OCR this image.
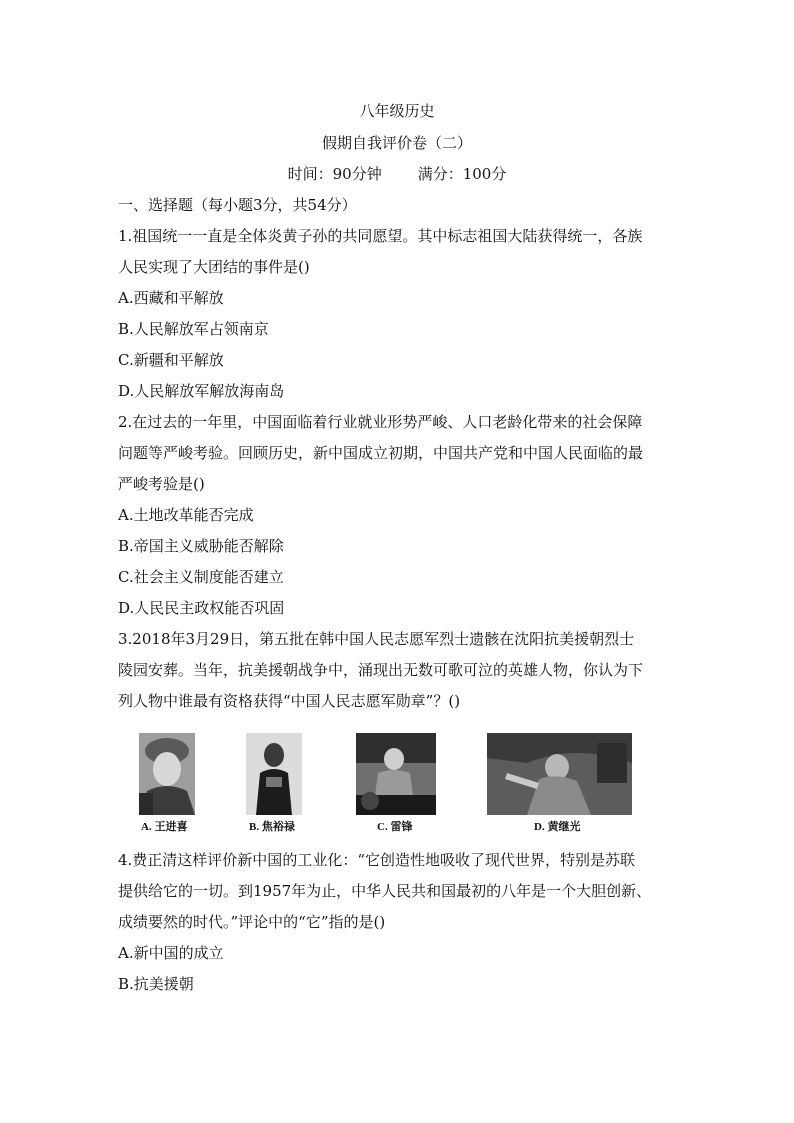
八年级历史
假期自我评价卷（二）
时间：90分钟 满分：100分
一、选择题（每小题3分，共54分）
1.祖国统一一直是全体炎黄子孙的共同愿望。其中标志祖国大陆获得统一，各族
人民实现了大团结的事件是()
A.西藏和平解放
B.人民解放军占领南京
C.新疆和平解放
D.人民解放军解放海南岛
2.在过去的一年里，中国面临着行业就业形势严峻、人口老龄化带来的社会保障
问题等严峻考验。回顾历史，新中国成立初期，中国共产党和中国人民面临的最
严峻考验是()
A.土地改革能否完成
B.帝国主义威胁能否解除
C.社会主义制度能否建立
D.人民民主政权能否巩固
3.2018年3月29日，第五批在韩中国人民志愿军烈士遗骸在沈阳抗美援朝烈士
陵园安葬。当年，抗美援朝战争中，涌现出无数可歌可泣的英雄人物，你认为下
列人物中谁最有资格获得“中国人民志愿军勋章”？()
A. 王进喜	B. 焦裕禄	C. 雷锋	D. 黄继光
4.费正清这样评价新中国的工业化：“它创造性地吸收了现代世界，特别是苏联
提供给它的一切。到1957年为止，中华人民共和国最初的八年是一个大胆创新、
成绩要然的时代。”评论中的“它”指的是()
A.新中国的成立
B.抗美援朝
